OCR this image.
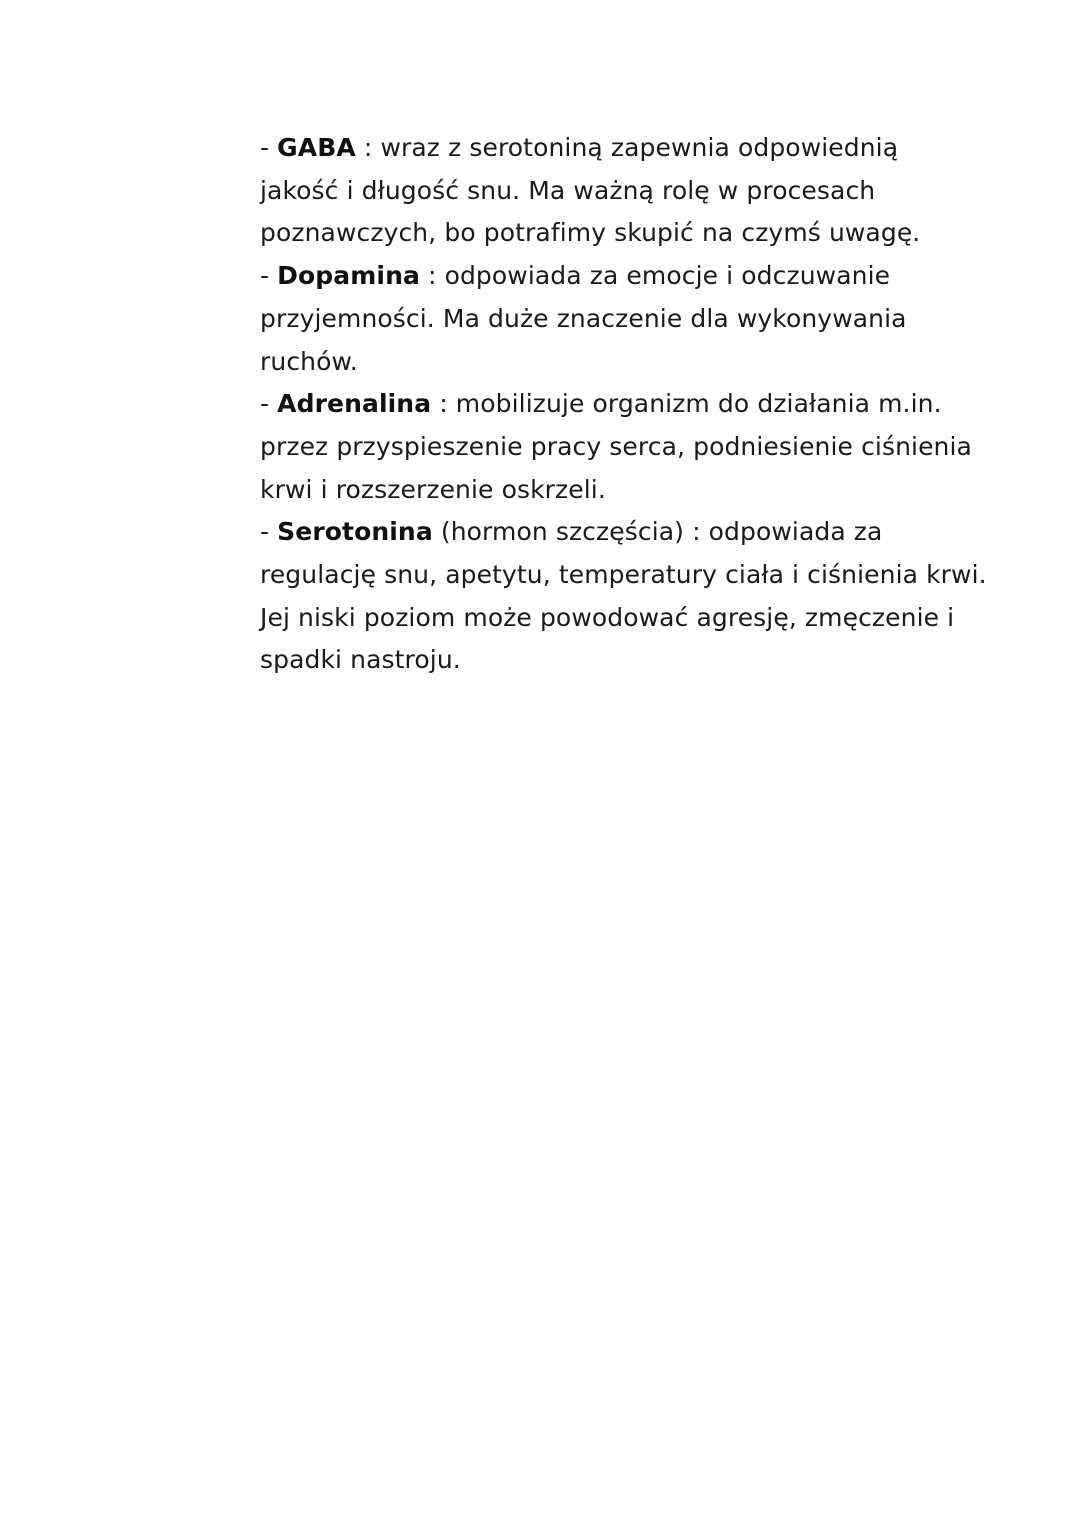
- GABA : wraz z serotoniną zapewnia odpowiednią
jakość i długość snu. Ma ważną rolę w procesach
poznawczych, bo potrafimy skupić na czymś uwagę.
- Dopamina : odpowiada za emocje i odczuwanie
przyjemności. Ma duże znaczenie dla wykonywania
ruchów.
- Adrenalina : mobilizuje organizm do działania m.in.
przez przyspieszenie pracy serca, podniesienie ciśnienia
krwi i rozszerzenie oskrzeli.
- Serotonina (hormon szczęścia) : odpowiada za
regulację snu, apetytu, temperatury ciała i ciśnienia krwi.
Jej niski poziom może powodować agresję, zmęczenie i
spadki nastroju.
